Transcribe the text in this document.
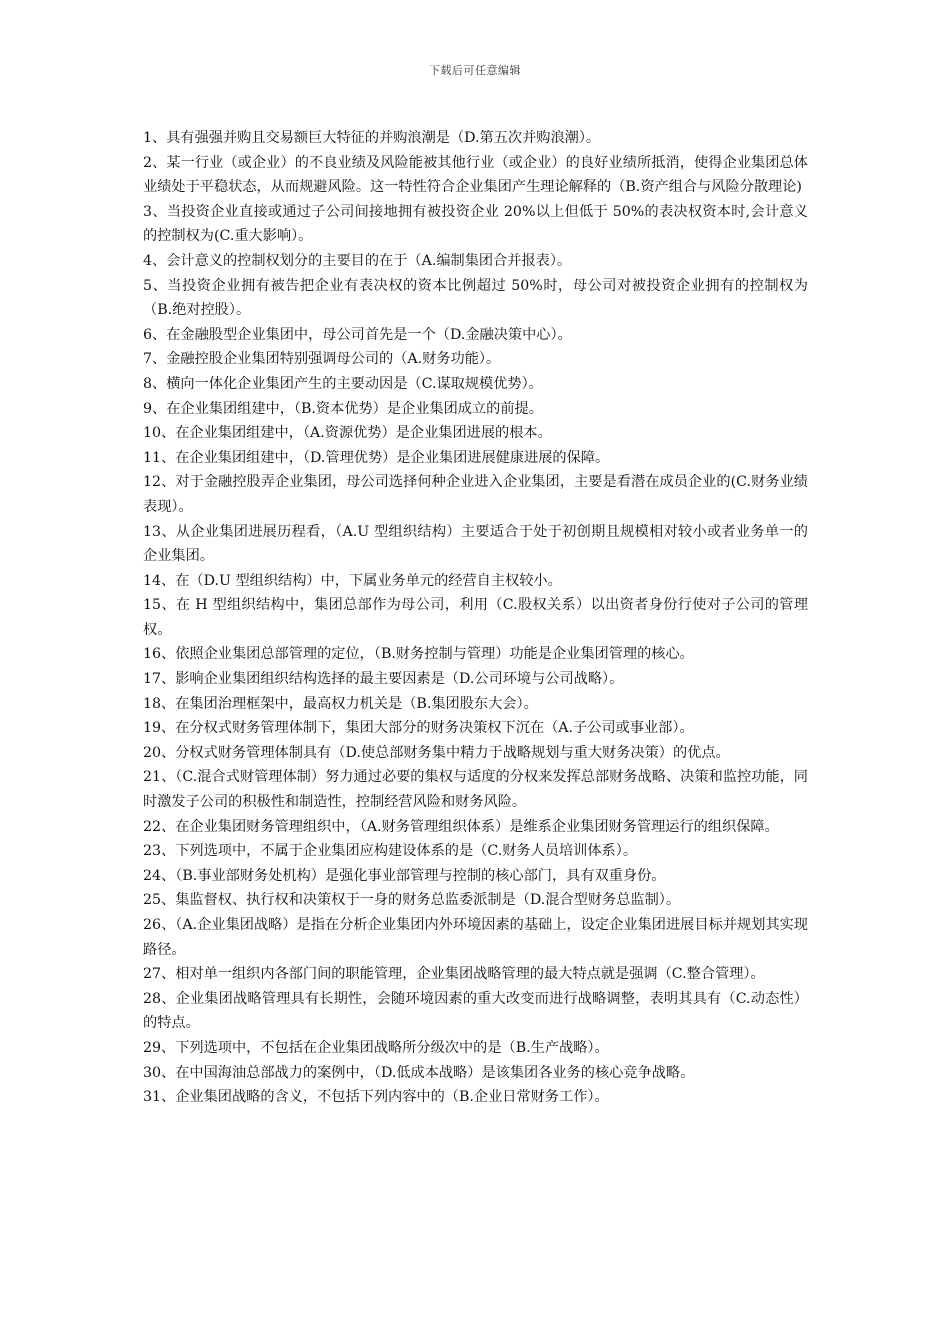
下载后可任意编辑

1、具有强强并购且交易额巨大特征的并购浪潮是（D.第五次并购浪潮）。

2、某一行业（或企业）的不良业绩及风险能被其他行业（或企业）的良好业绩所抵消，使得企业集团总体业绩处于平稳状态，从而规避风险。这一特性符合企业集团产生理论解释的（B.资产组合与风险分散理论)

3、当投资企业直接或通过子公司间接地拥有被投资企业 20%以上但低于 50%的表决权资本时,会计意义的控制权为(C.重大影响）。

4、会计意义的控制权划分的主要目的在于（A.编制集团合并报表）。

5、当投资企业拥有被告把企业有表决权的资本比例超过 50%时，母公司对被投资企业拥有的控制权为（B.绝对控股）。

6、在金融股型企业集团中，母公司首先是一个（D.金融决策中心）。

7、金融控股企业集团特别强调母公司的（A.财务功能）。

8、横向一体化企业集团产生的主要动因是（C.谋取规模优势）。

9、在企业集团组建中，（B.资本优势）是企业集团成立的前提。

10、在企业集团组建中，（A.资源优势）是企业集团进展的根本。

11、在企业集团组建中，（D.管理优势）是企业集团进展健康进展的保障。

12、对于金融控股弄企业集团，母公司选择何种企业进入企业集团，主要是看潜在成员企业的(C.财务业绩表现）。

13、从企业集团进展历程看，（A.U 型组织结构）主要适合于处于初创期且规模相对较小或者业务单一的企业集团。

14、在（D.U 型组织结构）中，下属业务单元的经营自主权较小。

15、在 H 型组织结构中，集团总部作为母公司，利用（C.股权关系）以出资者身份行使对子公司的管理权。

16、依照企业集团总部管理的定位，（B.财务控制与管理）功能是企业集团管理的核心。

17、影响企业集团组织结构选择的最主要因素是（D.公司环境与公司战略）。

18、在集团治理框架中，最高权力机关是（B.集团股东大会）。

19、在分权式财务管理体制下，集团大部分的财务决策权下沉在（A.子公司或事业部）。

20、分权式财务管理体制具有（D.使总部财务集中精力于战略规划与重大财务决策）的优点。

21、（C.混合式财管理体制）努力通过必要的集权与适度的分权来发挥总部财务战略、决策和监控功能，同时激发子公司的积极性和制造性，控制经营风险和财务风险。

22、在企业集团财务管理组织中，（A.财务管理组织体系）是维系企业集团财务管理运行的组织保障。

23、下列选项中，不属于企业集团应构建设体系的是（C.财务人员培训体系）。

24、（B.事业部财务处机构）是强化事业部管理与控制的核心部门，具有双重身份。

25、集监督权、执行权和决策权于一身的财务总监委派制是（D.混合型财务总监制）。

26、（A.企业集团战略）是指在分析企业集团内外环境因素的基础上，设定企业集团进展目标并规划其实现路径。

27、相对单一组织内各部门间的职能管理，企业集团战略管理的最大特点就是强调（C.整合管理）。

28、企业集团战略管理具有长期性，会随环境因素的重大改变而进行战略调整，表明其具有（C.动态性）的特点。

29、下列选项中，不包括在企业集团战略所分级次中的是（B.生产战略）。

30、在中国海油总部战力的案例中，（D.低成本战略）是该集团各业务的核心竞争战略。

31、企业集团战略的含义，不包括下列内容中的（B.企业日常财务工作）。
